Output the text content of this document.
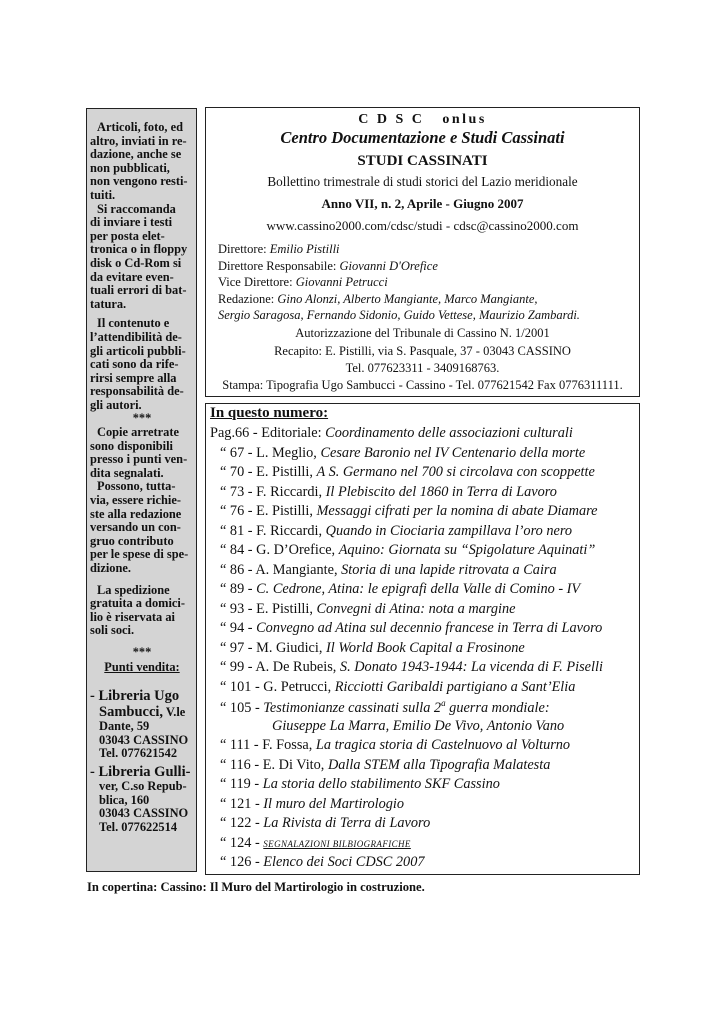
Articoli, foto, ed

altro, inviati in re-

dazione, anche se

non pubblicati,

non vengono resti-

tuiti.

Si raccomanda

di inviare i testi

per posta elet-

tronica o in floppy

disk o Cd-Rom si

da evitare even-

tuali errori di bat-

tatura.

Il contenuto e

l’attendibilità de-

gli articoli pubbli-

cati sono da rife-

rirsi sempre alla

responsabilità de-

gli autori.

***

Copie arretrate

sono disponibili

presso i punti ven-

dita segnalati.

Possono, tutta-

via, essere richie-

ste alla redazione

versando un con-

gruo contributo

per le spese di spe-

dizione.

La spedizione

gratuita a domici-

lio è riservata ai

soli soci.

***

Punti vendita:

- Libreria Ugo

Sambucci, V.le

Dante, 59

03043 CASSINO

Tel. 077621542

- Libreria Gulli-

ver, C.so Repub-

blica, 160

03043 CASSINO

Tel. 077622514

C D S C   onlus
Centro Documentazione e Studi Cassinati
STUDI CASSINATI
Bollettino trimestrale di studi storici del Lazio meridionale
Anno VII, n. 2, Aprile - Giugno 2007
www.cassino2000.com/cdsc/studi - cdsc@cassino2000.com
Direttore: Emilio Pistilli
Direttore Responsabile: Giovanni D'Orefice
Vice Direttore: Giovanni Petrucci
Redazione: Gino Alonzi, Alberto Mangiante, Marco Mangiante,
Sergio Saragosa, Fernando Sidonio, Guido Vettese, Maurizio Zambardi.
Autorizzazione del Tribunale di Cassino N. 1/2001
Recapito: E. Pistilli, via S. Pasquale, 37 - 03043 CASSINO
Tel. 077623311 - 3409168763.
Stampa: Tipografia Ugo Sambucci - Cassino - Tel. 077621542 Fax 0776311111.
In questo numero:
Pag.66 - Editoriale: Coordinamento delle associazioni culturali
“ 67 - L. Meglio, Cesare Baronio nel IV Centenario della morte
“ 70 - E. Pistilli, A S. Germano nel 700 si circolava con scoppette
“ 73 - F. Riccardi, Il Plebiscito del 1860 in Terra di Lavoro
“ 76 - E. Pistilli, Messaggi cifrati per la nomina di abate Diamare
“ 81 - F. Riccardi, Quando in Ciociaria zampillava l’oro nero
“ 84 - G. D’Orefice, Aquino: Giornata su “Spigolature Aquinati”
“ 86 - A. Mangiante, Storia di una lapide ritrovata a Caira
“ 89 - C. Cedrone, Atina: le epigrafi della Valle di Comino - IV
“ 93 - E. Pistilli, Convegni di Atina: nota a margine
“ 94 - Convegno ad Atina sul decennio francese in Terra di Lavoro
“ 97 - M. Giudici, Il World Book Capital a Frosinone
“ 99 - A. De Rubeis, S. Donato 1943-1944: La vicenda di F. Piselli
“ 101 - G. Petrucci, Ricciotti Garibaldi partigiano a Sant’Elia
“ 105 - Testimonianze cassinati sulla 2$^a$ guerra mondiale:
Giuseppe La Marra, Emilio De Vivo, Antonio Vano
“ 111 - F. Fossa, La tragica storia di Castelnuovo al Volturno
“ 116 - E. Di Vito, Dalla STEM alla Tipografia Malatesta
“ 119 - La storia dello stabilimento SKF Cassino
“ 121 - Il muro del Martirologio
“ 122 - La Rivista di Terra di Lavoro
“ 124 - SEGNALAZIONI BILBIOGRAFICHE
“ 126 - Elenco dei Soci CDSC 2007
In copertina: Cassino: Il Muro del Martirologio in costruzione.
